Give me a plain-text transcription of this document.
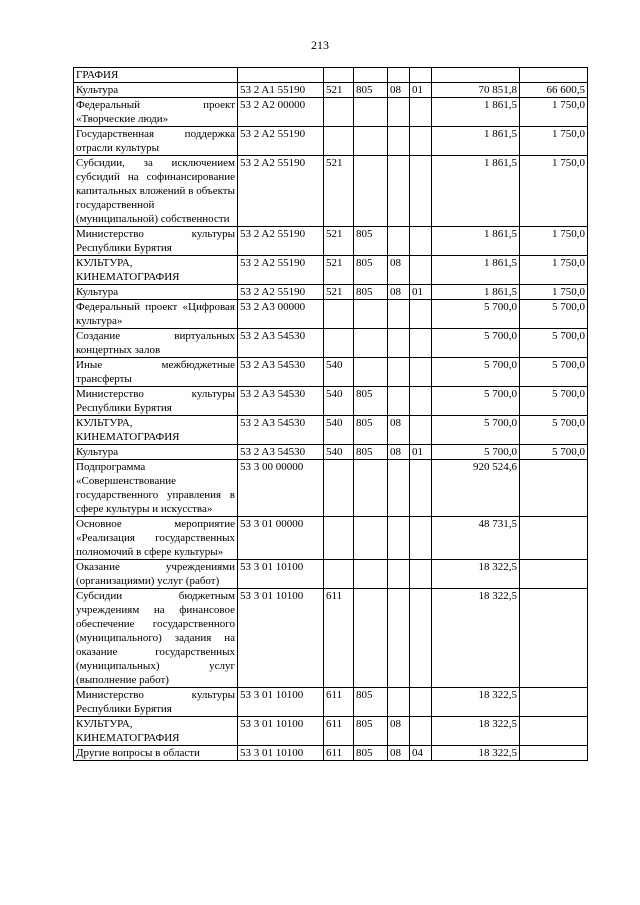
213
ГРАФИЯ							
Культура	53 2 A1 55190	521	805	08	01	70 851,8	66 600,5
Федеральный проект «Творческие люди»	53 2 A2 00000					1 861,5	1 750,0
Государственная поддержка отрасли культуры	53 2 A2 55190					1 861,5	1 750,0
Субсидии, за исключением субсидий на софинансирование капитальных вложений в объекты государственной (муниципальной) собственности	53 2 A2 55190	521				1 861,5	1 750,0
Министерство культуры Республики Бурятия	53 2 A2 55190	521	805			1 861,5	1 750,0
КУЛЬТУРА, КИНЕМАТОГРАФИЯ	53 2 A2 55190	521	805	08		1 861,5	1 750,0
Культура	53 2 A2 55190	521	805	08	01	1 861,5	1 750,0
Федеральный проект «Цифровая культура»	53 2 A3 00000					5 700,0	5 700,0
Создание виртуальных концертных залов	53 2 A3 54530					5 700,0	5 700,0
Иные межбюджетные трансферты	53 2 A3 54530	540				5 700,0	5 700,0
Министерство культуры Республики Бурятия	53 2 A3 54530	540	805			5 700,0	5 700,0
КУЛЬТУРА, КИНЕМАТОГРАФИЯ	53 2 A3 54530	540	805	08		5 700,0	5 700,0
Культура	53 2 A3 54530	540	805	08	01	5 700,0	5 700,0
Подпрограмма «Совершенствование государственного управления в сфере культуры и искусства»	53 3 00 00000					920 524,6	
Основное мероприятие «Реализация государственных полномочий в сфере культуры»	53 3 01 00000					48 731,5	
Оказание учреждениями (организациями) услуг (работ)	53 3 01 10100					18 322,5	
Субсидии бюджетным учреждениям на финансовое обеспечение государственного (муниципального) задания на оказание государственных (муниципальных) услуг (выполнение работ)	53 3 01 10100	611				18 322,5	
Министерство культуры Республики Бурятия	53 3 01 10100	611	805			18 322,5	
КУЛЬТУРА, КИНЕМАТОГРАФИЯ	53 3 01 10100	611	805	08		18 322,5	
Другие вопросы в области	53 3 01 10100	611	805	08	04	18 322,5	
